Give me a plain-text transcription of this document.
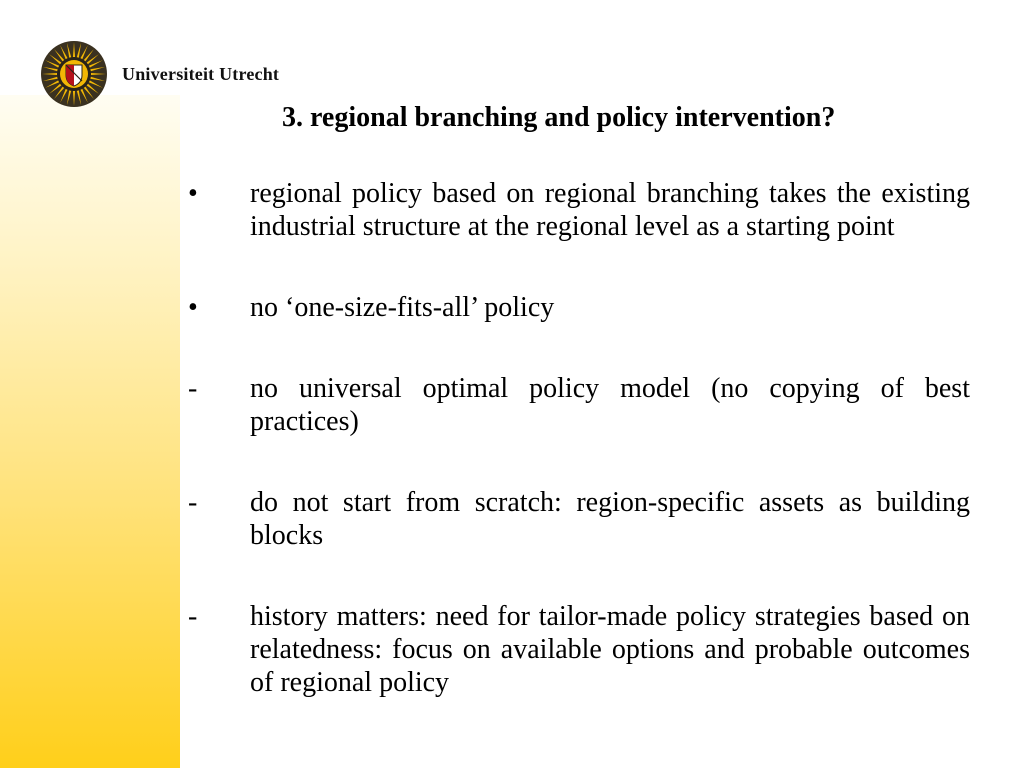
Universiteit Utrecht
3. regional branching and policy intervention?
•	regional policy based on regional branching takes the existing industrial structure at the regional level as a starting point
•	no ‘one-size-fits-all’ policy
-	no universal optimal policy model (no copying of best practices)
-	do not start from scratch: region-specific assets as building blocks
-	history matters: need for tailor-made policy strategies based on relatedness: focus on available options and probable outcomes of regional policy
